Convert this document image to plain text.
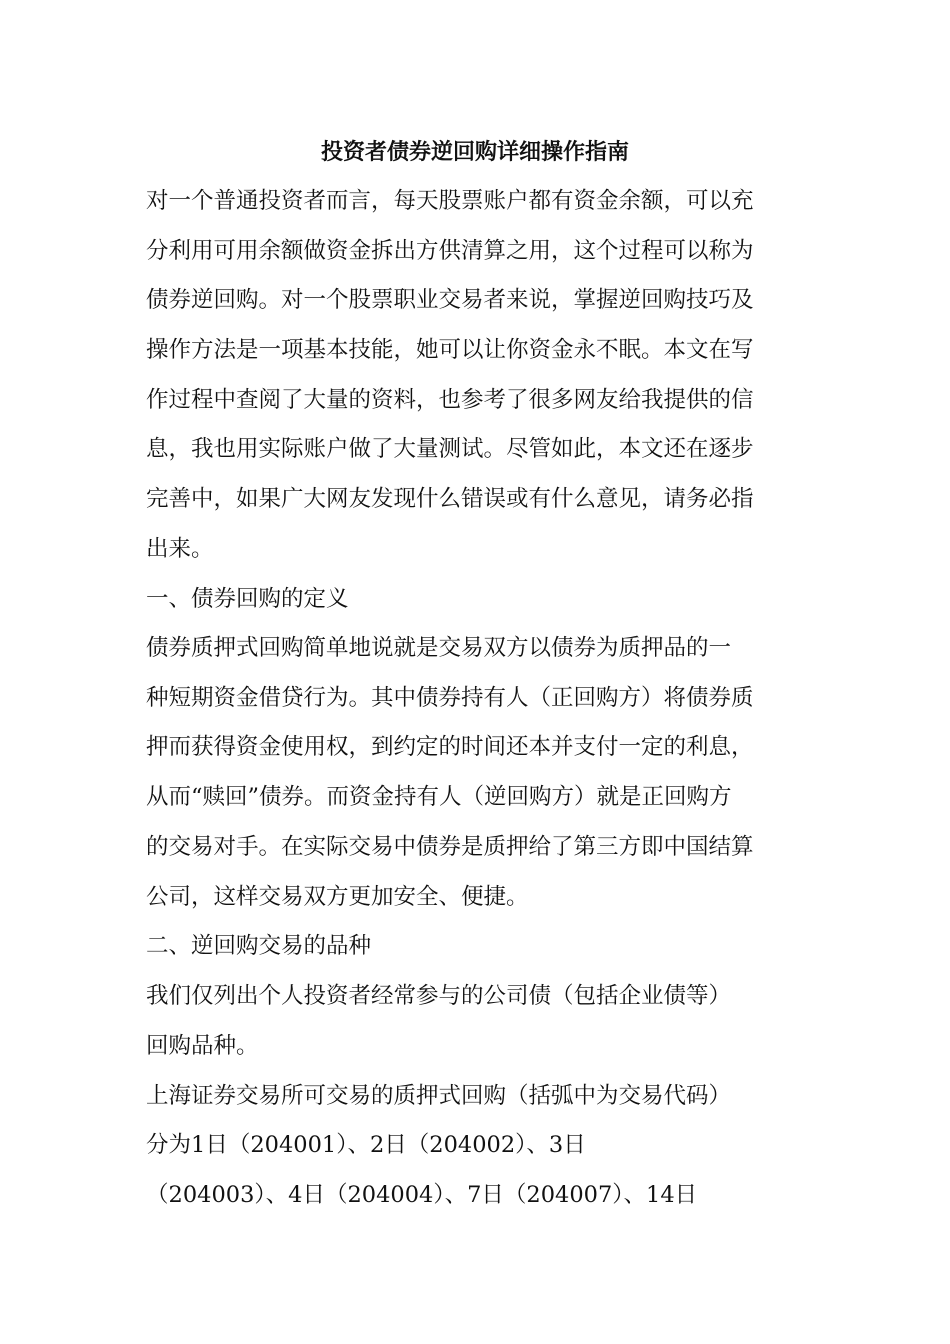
投资者债券逆回购详细操作指南
对一个普通投资者而言，每天股票账户都有资金余额，可以充
分利用可用余额做资金拆出方供清算之用，这个过程可以称为
债券逆回购。对一个股票职业交易者来说，掌握逆回购技巧及
操作方法是一项基本技能，她可以让你资金永不眠。本文在写
作过程中查阅了大量的资料，也参考了很多网友给我提供的信
息，我也用实际账户做了大量测试。尽管如此，本文还在逐步
完善中，如果广大网友发现什么错误或有什么意见，请务必指
出来。
一、债券回购的定义
债券质押式回购简单地说就是交易双方以债券为质押品的一
种短期资金借贷行为。其中债券持有人（正回购方）将债券质
押而获得资金使用权，到约定的时间还本并支付一定的利息，
从而“赎回”债券。而资金持有人（逆回购方）就是正回购方
的交易对手。在实际交易中债券是质押给了第三方即中国结算
公司，这样交易双方更加安全、便捷。
二、逆回购交易的品种
我们仅列出个人投资者经常参与的公司债（包括企业债等）
回购品种。
上海证券交易所可交易的质押式回购（括弧中为交易代码）
分为1日（204001）、2日（204002）、3日
（204003）、4日（204004）、7日（204007）、14日
